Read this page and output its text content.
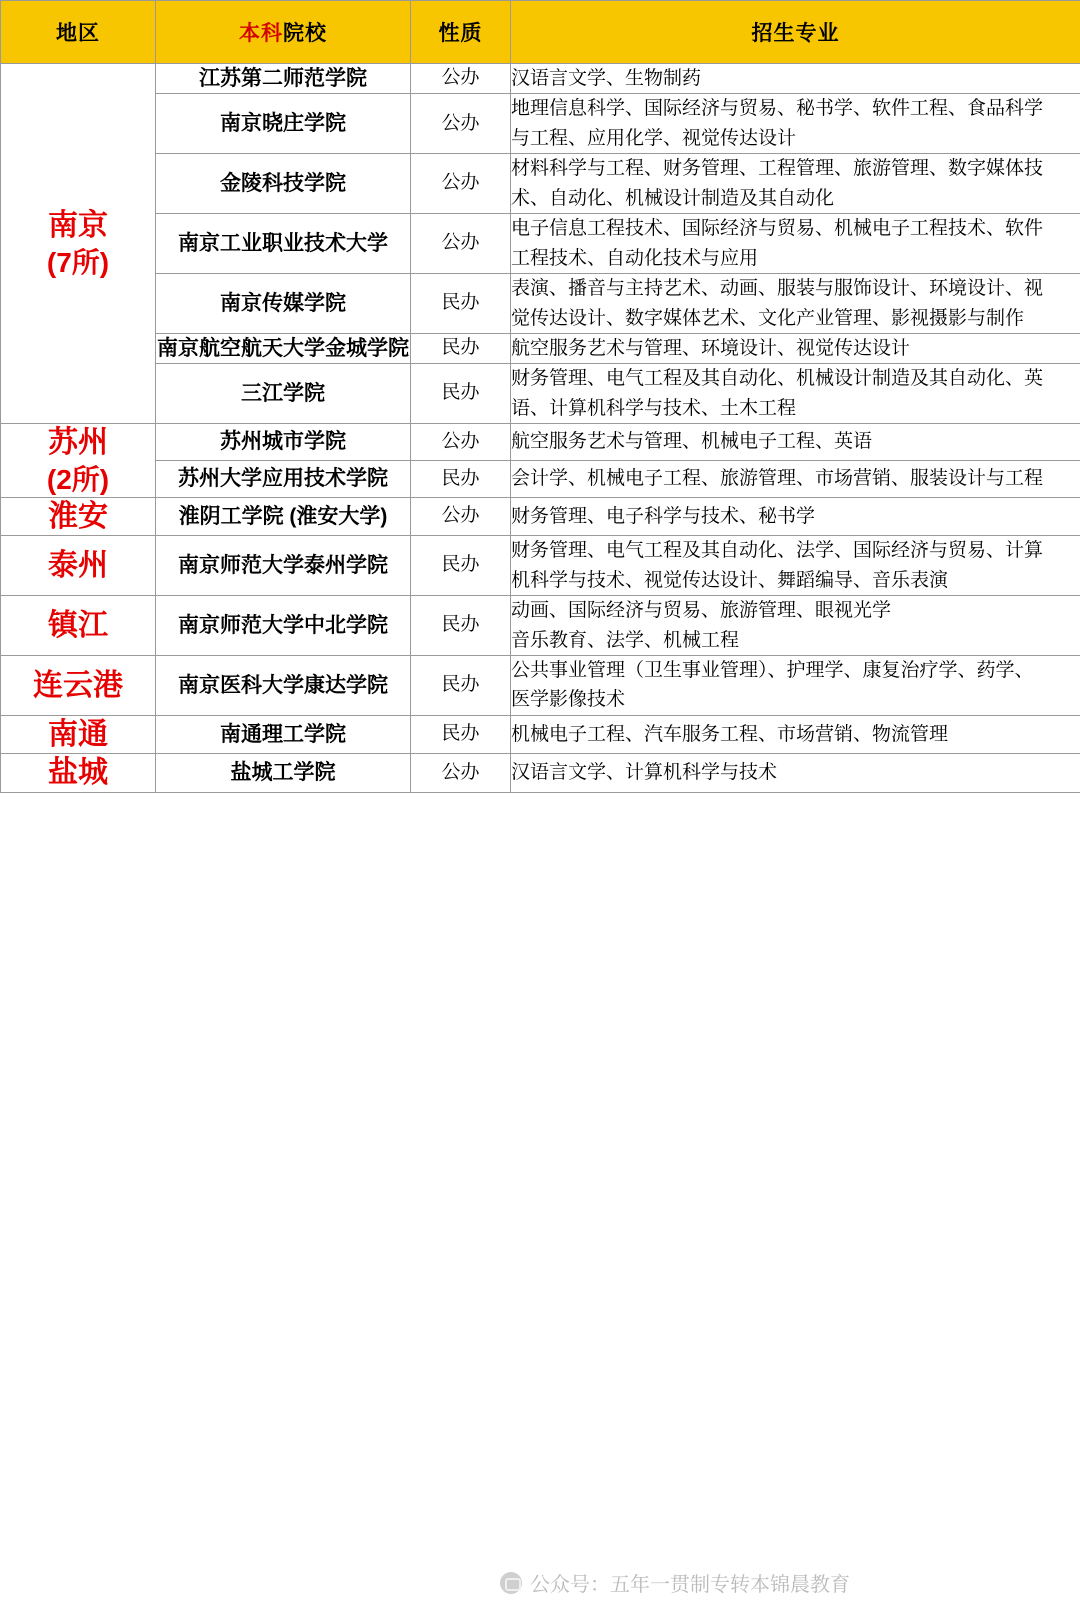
地区	本科院校	性质	招生专业
南京
(7所)	江苏第二师范学院	公办	汉语言文学、生物制药

	南京晓庄学院	公办	地理信息科学、国际经济与贸易、秘书学、软件工程、食品科学
与工程、应用化学、视觉传达设计

	金陵科技学院	公办	材料科学与工程、财务管理、工程管理、旅游管理、数字媒体技
术、自动化、机械设计制造及其自动化

	南京工业职业技术大学	公办	电子信息工程技术、国际经济与贸易、机械电子工程技术、软件
工程技术、自动化技术与应用

	南京传媒学院	民办	表演、播音与主持艺术、动画、服装与服饰设计、环境设计、视
觉传达设计、数字媒体艺术、文化产业管理、影视摄影与制作

	南京航空航天大学金城学院	民办	航空服务艺术与管理、环境设计、视觉传达设计

	三江学院	民办	财务管理、电气工程及其自动化、机械设计制造及其自动化、英
语、计算机科学与技术、土木工程

苏州
(2所)	苏州城市学院	公办	航空服务艺术与管理、机械电子工程、英语

	苏州大学应用技术学院	民办	会计学、机械电子工程、旅游管理、市场营销、服装设计与工程

淮安	淮阴工学院 (淮安大学)	公办	财务管理、电子科学与技术、秘书学

泰州	南京师范大学泰州学院	民办	财务管理、电气工程及其自动化、法学、国际经济与贸易、计算
机科学与技术、视觉传达设计、舞蹈编导、音乐表演

镇江	南京师范大学中北学院	民办	动画、国际经济与贸易、旅游管理、眼视光学
音乐教育、法学、机械工程

连云港	南京医科大学康达学院	民办	公共事业管理（卫生事业管理）、护理学、康复治疗学、药学、
医学影像技术

南通	南通理工学院	民办	机械电子工程、汽车服务工程、市场营销、物流管理

盐城	盐城工学院	公办	汉语言文学、计算机科学与技术
公众号：五年一贯制专转本锦晨教育
